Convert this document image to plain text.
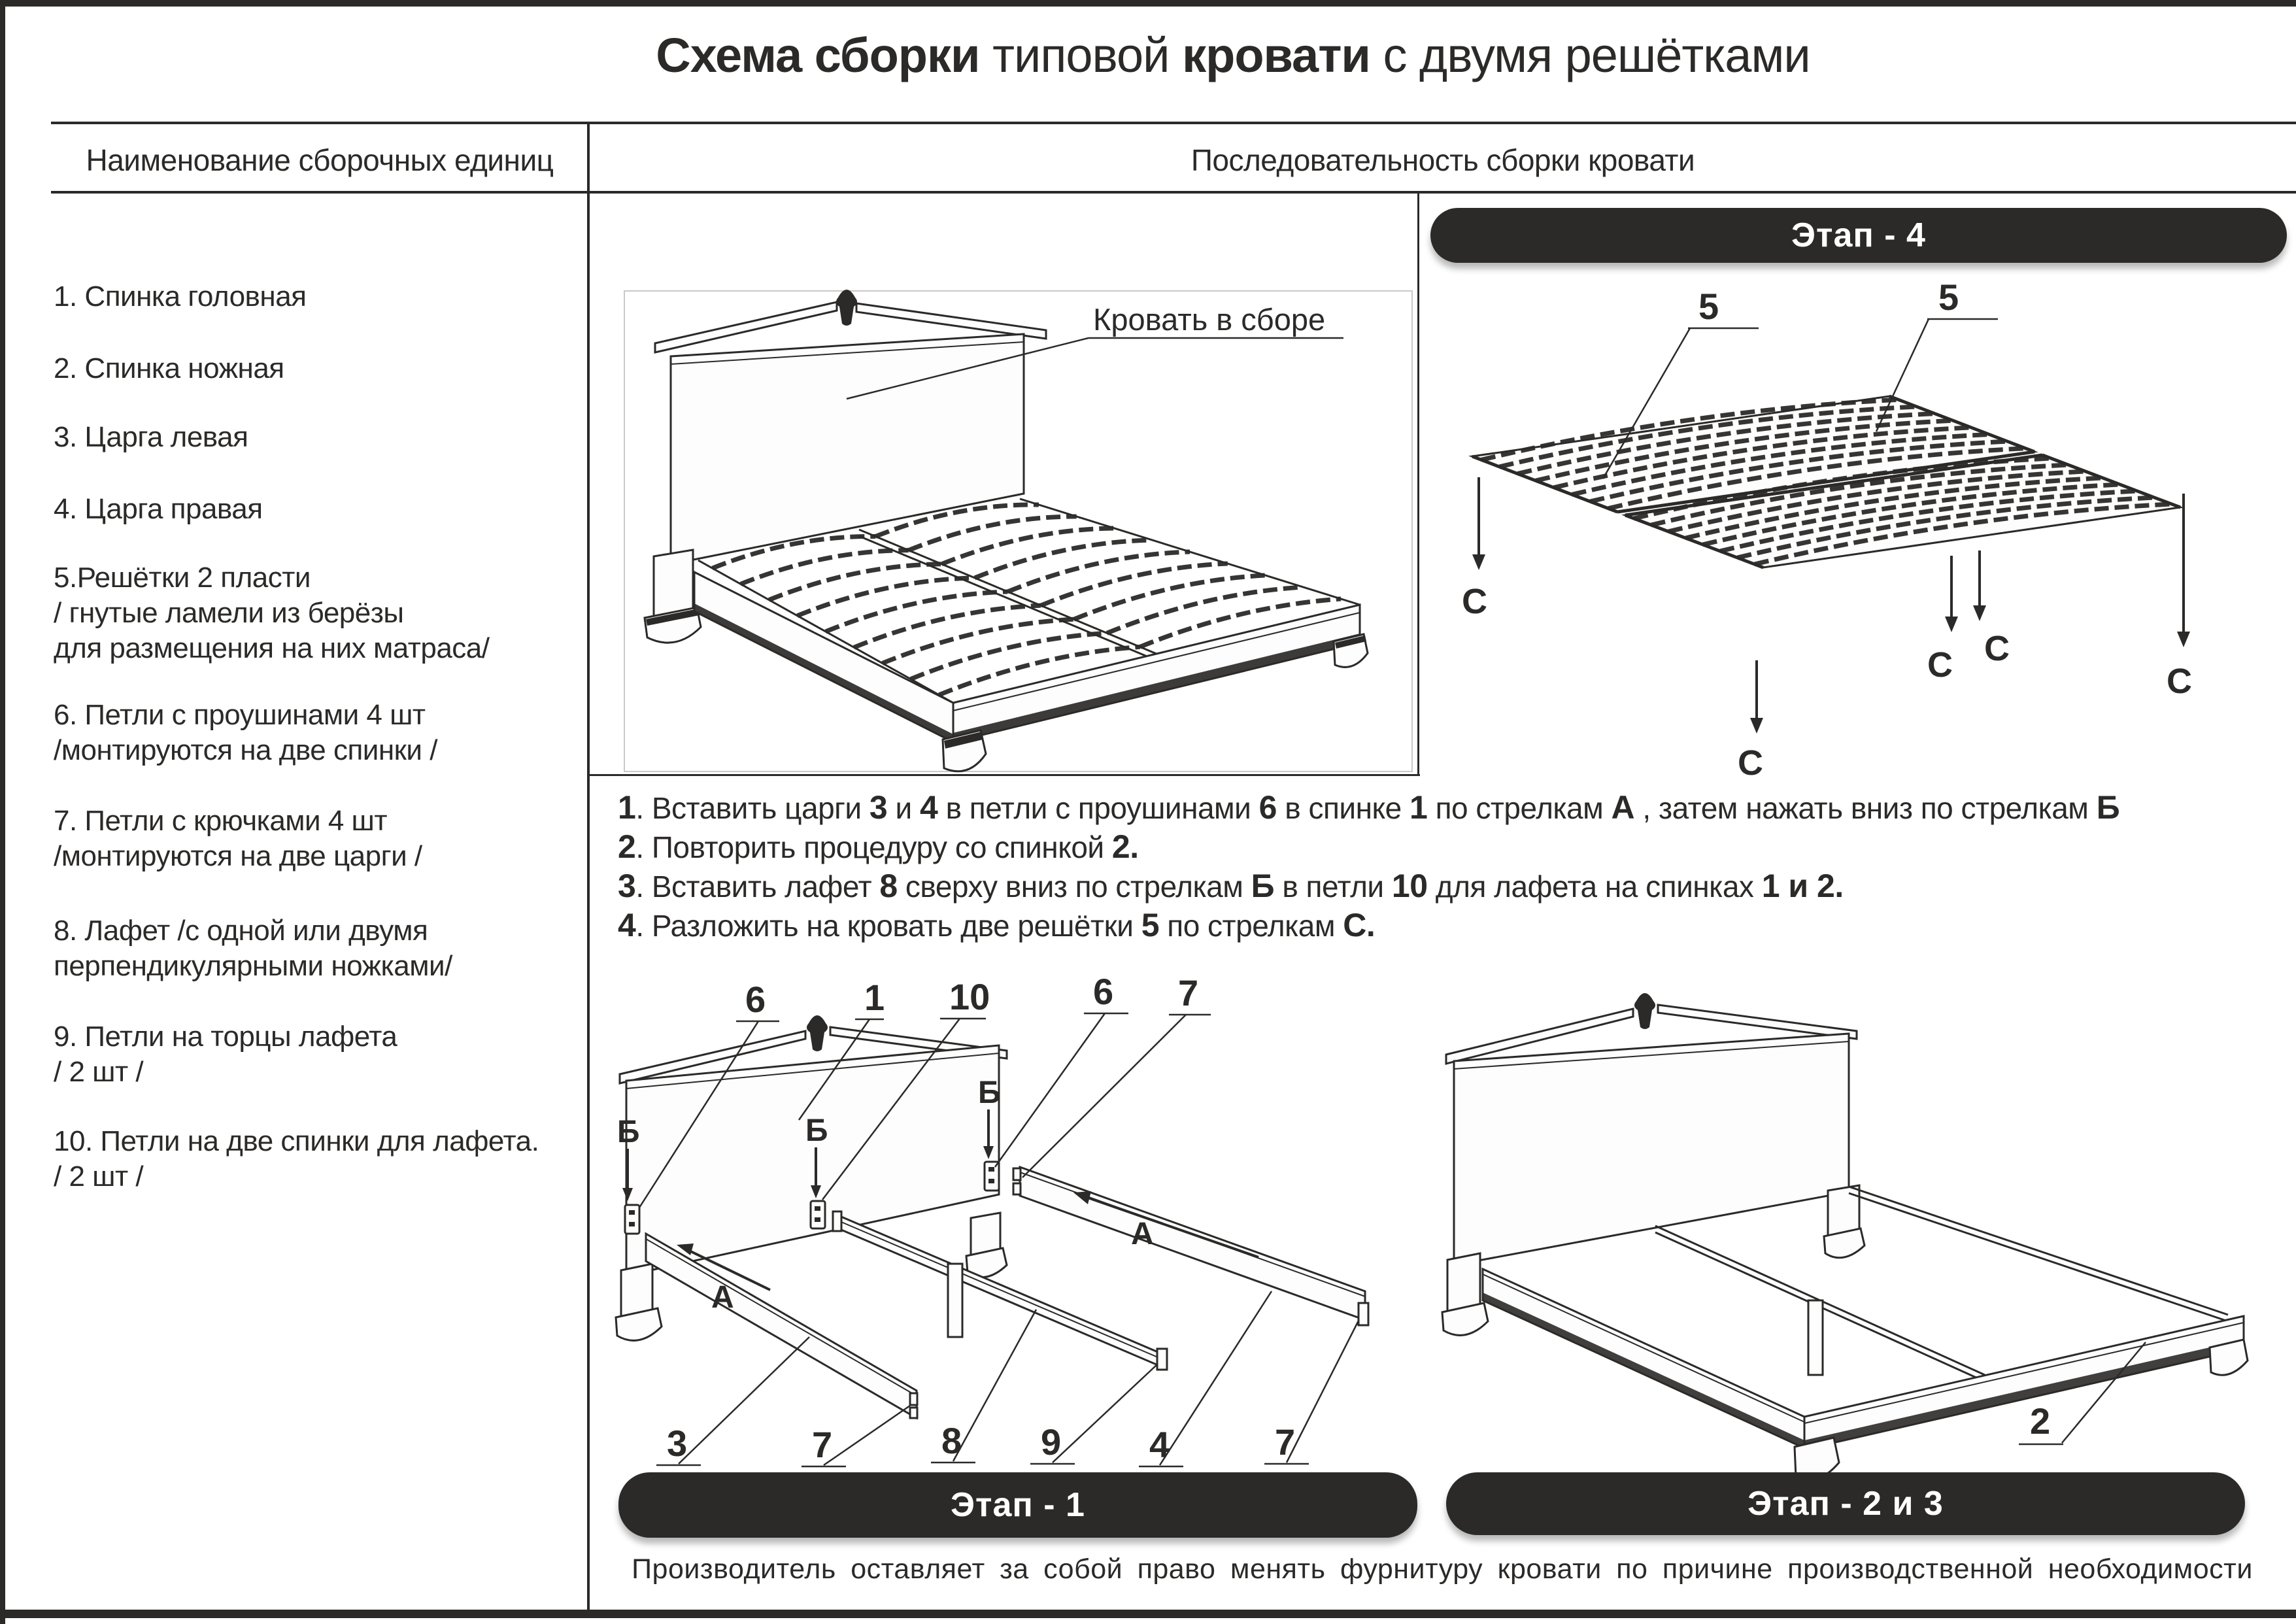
Схема сборки типовой кровати с двумя решётками
Наименование сборочных единиц	Последовательность сборки кровати
1. Спинка головная
2. Спинка ножная
3. Царга левая
4. Царга правая
5.Решётки 2 пласти
/ гнутые ламели из берёзы
для размещения на них матраса/
6. Петли с проушинами 4 шт
/монтируются на две спинки /
7. Петли с крючками 4 шт
/монтируются на две царги /
8. Лафет /с одной или двумя
перпендикулярными ножками/
9. Петли на торцы лафета
/ 2 шт /
10. Петли на две спинки для лафета.
/ 2 шт /
Кровать в сборе
Этап - 4
5	5
С
С
С С
С
1. Вставить царги 3 и 4 в петли с проушинами 6 в спинке 1 по стрелкам А , затем нажать вниз по стрелкам Б
2. Повторить процедуру со спинкой 2.
3. Вставить лафет 8 сверху вниз по стрелкам Б в петли 10 для лафета на спинках 1 и 2.
4. Разложить на кровать две решётки 5 по стрелкам С.
Б	Б
Б
А
А
6	1 10	6 7
3	7	8 9 4	7
2
Этап - 1	Этап - 2 и 3
Производитель оставляет за собой право менять фурнитуру кровати по причине производственной необходимости
